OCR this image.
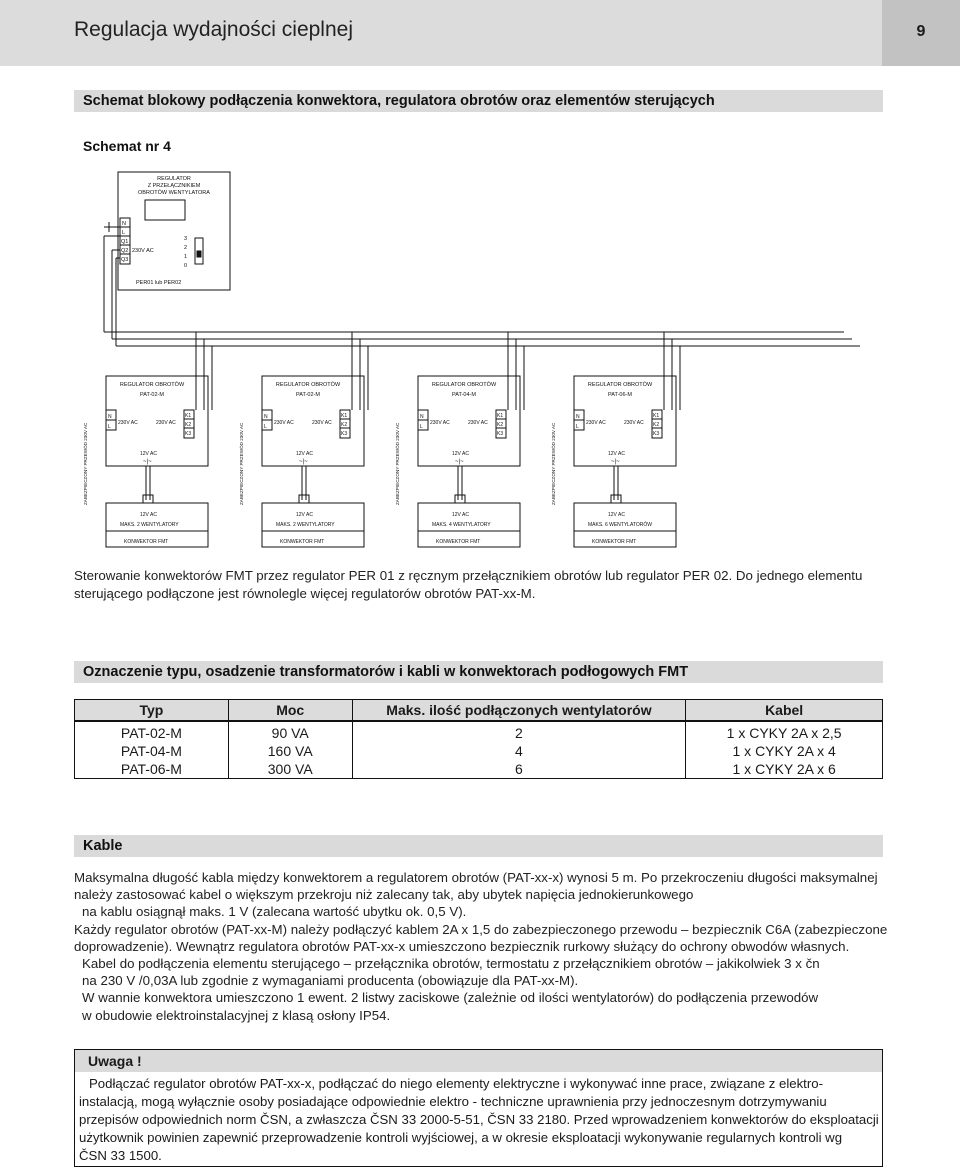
Regulacja wydajności cieplnej	9
Schemat blokowy podłączenia konwektora, regulatora obrotów oraz elementów sterujących
Schemat nr 4
REGULATOR
Z PRZEŁĄCZNIKIEM
OBROTÓW WENTYLATORA
N
L
Q1
Q2
Q3
230V AC
3
2
1
0
PER01 lub PER02
REGULATOR OBROTÓW
PAT-02-M
N
L
230V AC	230V AC
K1
K2
K3
12V AC
~|~
12V AC
MAKS. 2 WENTYLATORY
KONWEKTOR FMT
ZABEZPIECZONY PRZEWÓD 230V AC
REGULATOR OBROTÓW
PAT-02-M
N
L
230V AC	230V AC
K1
K2
K3
12V AC
~|~
12V AC
MAKS. 2 WENTYLATORY
KONWEKTOR FMT
ZABEZPIECZONY PRZEWÓD 230V AC
REGULATOR OBROTÓW
PAT-04-M
N
L
230V AC	230V AC
K1
K2
K3
12V AC
~|~
12V AC
MAKS. 4 WENTYLATORY
KONWEKTOR FMT
ZABEZPIECZONY PRZEWÓD 230V AC
REGULATOR OBROTÓW
PAT-06-M
N
L
230V AC	230V AC
K1
K2
K3
12V AC
~|~
12V AC
MAKS. 6 WENTYLATORÓW
KONWEKTOR FMT
ZABEZPIECZONY PRZEWÓD 230V AC
Sterowanie konwektorów FMT przez regulator PER 01 z ręcznym przełącznikiem obrotów lub regulator PER 02. Do jednego elementu
sterującego podłączone jest równolegle więcej regulatorów obrotów PAT-xx-M.
Oznaczenie typu, osadzenie transformatorów i kabli w konwektorach podłogowych FMT
Typ	Moc	Maks. ilość podłączonych wentylatorów	Kabel
PAT-02-M	90 VA	2	1 x CYKY 2A x 2,5
PAT-04-M	160 VA	4	1 x CYKY 2A x 4
PAT-06-M	300 VA	6	1 x CYKY 2A x 6
Kable
Maksymalna długość kabla między konwektorem a regulatorem obrotów (PAT-xx-x) wynosi 5 m. Po przekroczeniu długości maksymalnej
należy zastosować kabel o większym przekroju niż zalecany tak, aby ubytek napięcia jednokierunkowego
na kablu osiągnął maks. 1 V (zalecana wartość ubytku ok. 0,5 V).
Każdy regulator obrotów (PAT-xx-M) należy podłączyć kablem 2A x 1,5 do zabezpieczonego przewodu – bezpiecznik C6A (zabezpieczone
doprowadzenie). Wewnątrz regulatora obrotów PAT-xx-x umieszczono bezpiecznik rurkowy służący do ochrony obwodów własnych.
Kabel do podłączenia elementu sterującego – przełącznika obrotów, termostatu z przełącznikiem obrotów – jakikolwiek 3 x čn
na 230 V /0,03A lub zgodnie z wymaganiami producenta (obowiązuje dla PAT-xx-M).
W wannie konwektora umieszczono 1 ewent. 2 listwy zaciskowe (zależnie od ilości wentylatorów) do podłączenia przewodów
w obudowie elektroinstalacyjnej z klasą osłony IP54.
Uwaga !
Podłączać regulator obrotów PAT-xx-x, podłączać do niego elementy elektryczne i wykonywać inne prace, związane z elektro-
instalacją, mogą wyłącznie osoby posiadające odpowiednie elektro - techniczne uprawnienia przy jednoczesnym dotrzymywaniu
przepisów odpowiednich norm ČSN, a zwłaszcza ČSN 33 2000-5-51, ČSN 33 2180. Przed wprowadzeniem konwektorów do eksploatacji
użytkownik powinien zapewnić przeprowadzenie kontroli wyjściowej, a w okresie eksploatacji wykonywanie regularnych kontroli wg
ČSN 33 1500.
